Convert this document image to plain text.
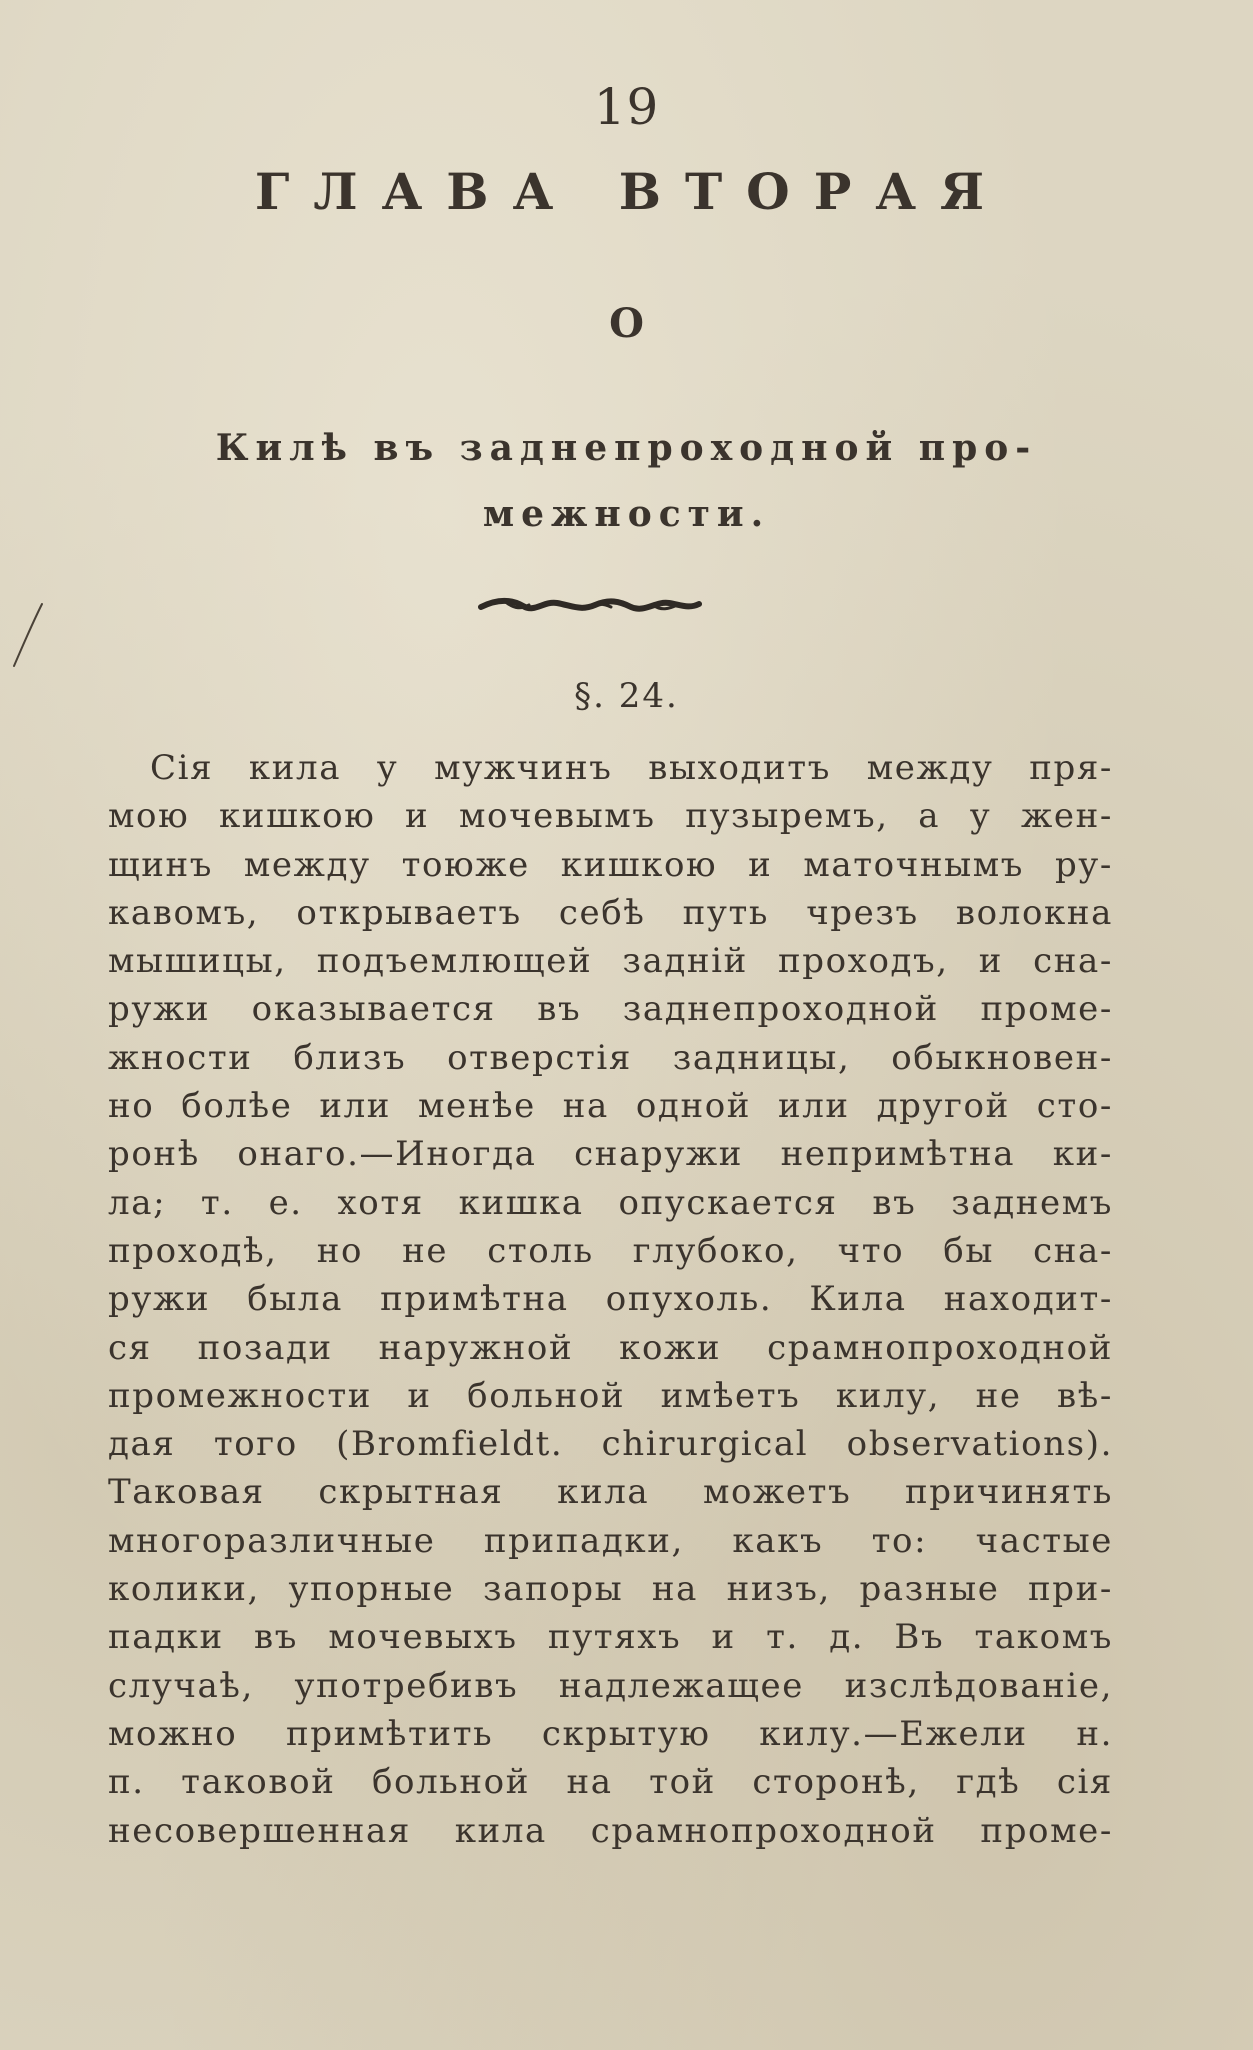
19
ГЛАВА ВТОРАЯ
О
Килѣ въ заднепроходной про-
межности.
§. 24.
Сія кила у мужчинъ выходитъ между пря-
мою кишкою и мочевымъ пузыремъ, а у жен-
щинъ между тоюже кишкою и маточнымъ ру-
кавомъ, открываетъ себѣ путь чрезъ волокна
мышицы, подъемлющей задній проходъ, и сна-
ружи оказывается въ заднепроходной проме-
жности близъ отверстія задницы, обыкновен-
но болѣе или менѣе на одной или другой сто-
ронѣ онаго.—Иногда снаружи непримѣтна ки-
ла; т. е. хотя кишка опускается въ заднемъ
проходѣ, но не столь глубоко, что бы сна-
ружи была примѣтна опухоль. Кила находит-
ся позади наружной кожи срамнопроходной
промежности и больной имѣетъ килу, не вѣ-
дая того (Bromfieldt. chirurgical observations).
Таковая скрытная кила можетъ причинять
многоразличные припадки, какъ то: частые
колики, упорные запоры на низъ, разные при-
падки въ мочевыхъ путяхъ и т. д. Въ такомъ
случаѣ, употребивъ надлежащее изслѣдованіе,
можно примѣтить скрытую килу.—Ежели н.
п. таковой больной на той сторонѣ, гдѣ сія
несовершенная кила срамнопроходной проме-
